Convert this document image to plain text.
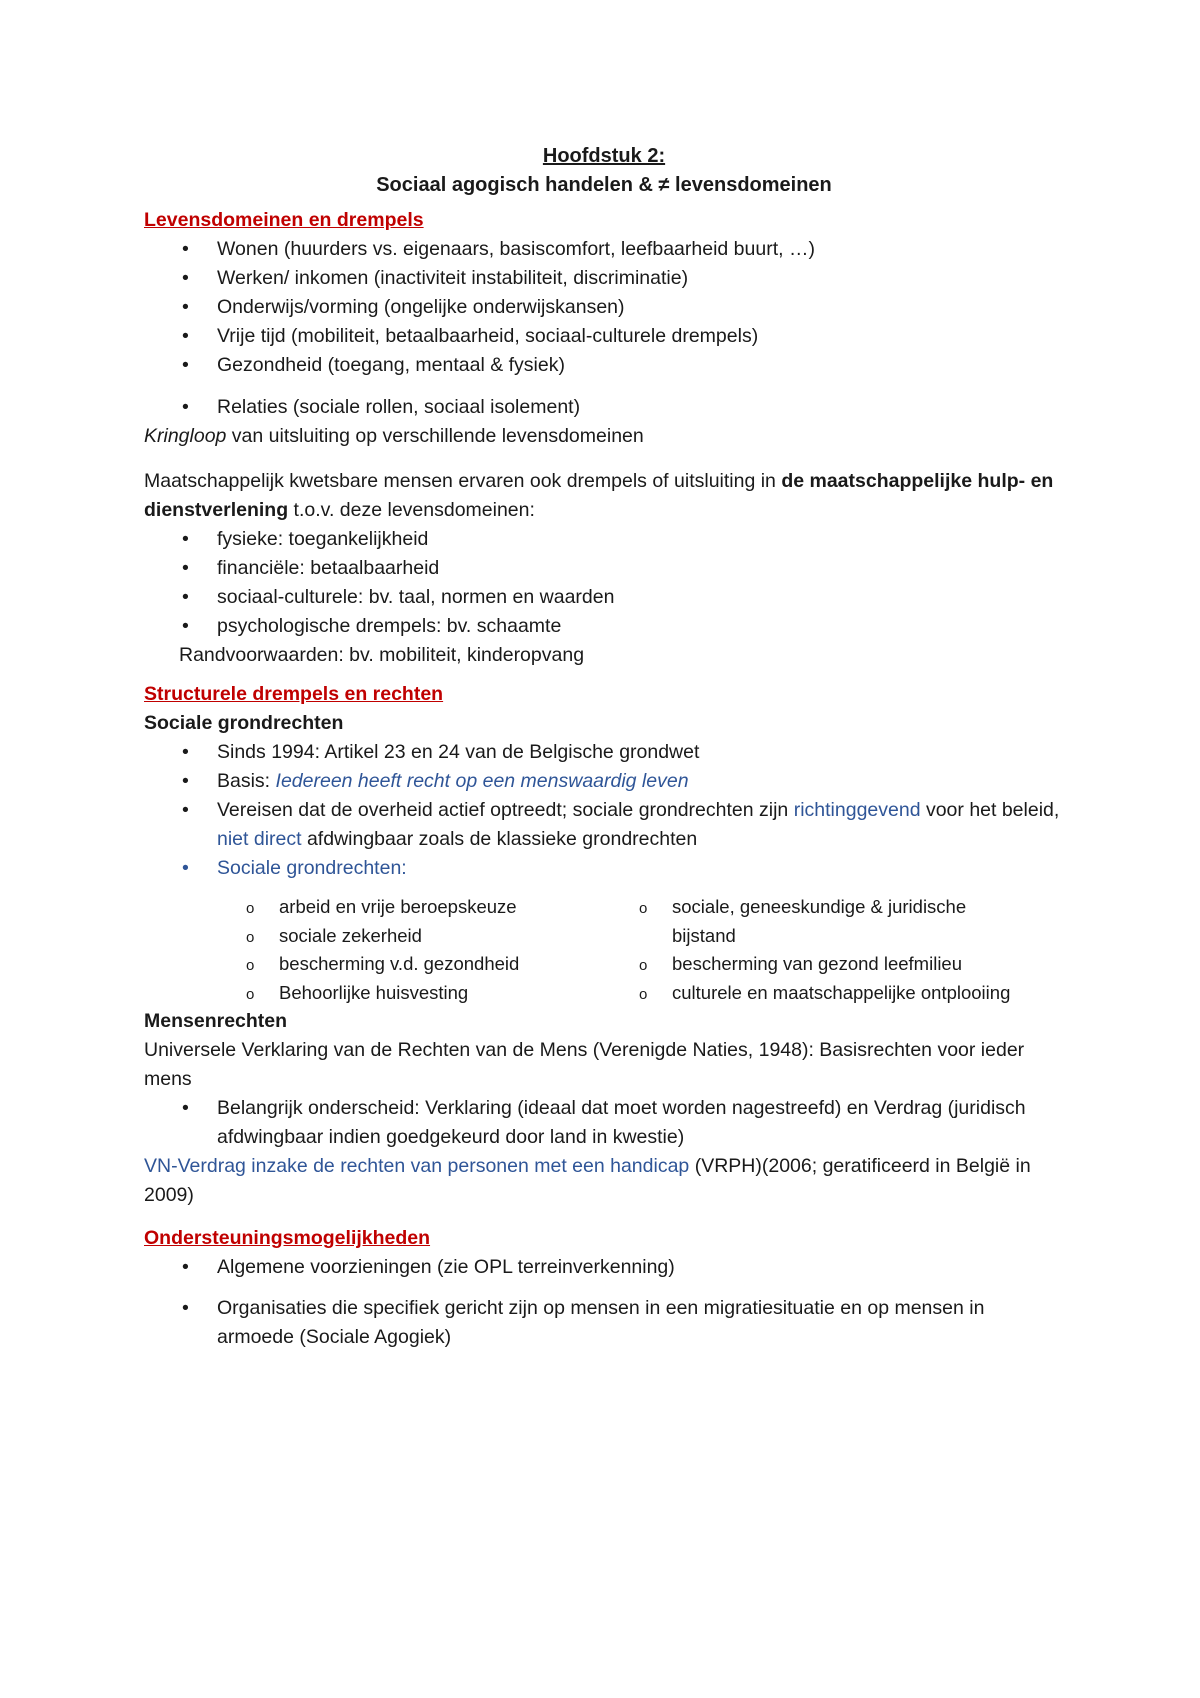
Hoofdstuk 2:
Sociaal agogisch handelen & ≠ levensdomeinen
Levensdomeinen en drempels
• Wonen (huurders vs. eigenaars, basiscomfort, leefbaarheid buurt, …)
• Werken/ inkomen (inactiviteit instabiliteit, discriminatie)
• Onderwijs/vorming (ongelijke onderwijskansen)
• Vrije tijd (mobiliteit, betaalbaarheid, sociaal-culturele drempels)
• Gezondheid (toegang, mentaal & fysiek)
• Relaties (sociale rollen, sociaal isolement)

Kringloop van uitsluiting op verschillende levensdomeinen

Maatschappelijk kwetsbare mensen ervaren ook drempels of uitsluiting in de maatschappelijke hulp- en dienstverlening t.o.v. deze levensdomeinen:

• fysieke: toegankelijkheid
• financiële: betaalbaarheid
• sociaal-culturele: bv. taal, normen en waarden
• psychologische drempels: bv. schaamte

Randvoorwaarden: bv. mobiliteit, kinderopvang

Structurele drempels en rechten
Sociale grondrechten
• Sinds 1994: Artikel 23 en 24 van de Belgische grondwet
• Basis: Iedereen heeft recht op een menswaardig leven
• Vereisen dat de overheid actief optreedt; sociale grondrechten zijn richtinggevend voor het beleid, niet direct afdwingbaar zoals de klassieke grondrechten
• Sociale grondrechten:
o arbeid en vrije beroepskeuze
o sociale zekerheid
o bescherming v.d. gezondheid
o Behoorlijke huisvesting
o sociale, geneeskundige & juridische bijstand
o bescherming van gezond leefmilieu
o culturele en maatschappelijke ontplooiing
Mensenrechten

Universele Verklaring van de Rechten van de Mens (Verenigde Naties, 1948): Basisrechten voor ieder mens

• Belangrijk onderscheid: Verklaring (ideaal dat moet worden nagestreefd) en Verdrag (juridisch afdwingbaar indien goedgekeurd door land in kwestie)

VN-Verdrag inzake de rechten van personen met een handicap (VRPH)(2006; geratificeerd in België in 2009)

Ondersteuningsmogelijkheden
• Algemene voorzieningen (zie OPL terreinverkenning)
• Organisaties die specifiek gericht zijn op mensen in een migratiesituatie en op mensen in armoede (Sociale Agogiek)
